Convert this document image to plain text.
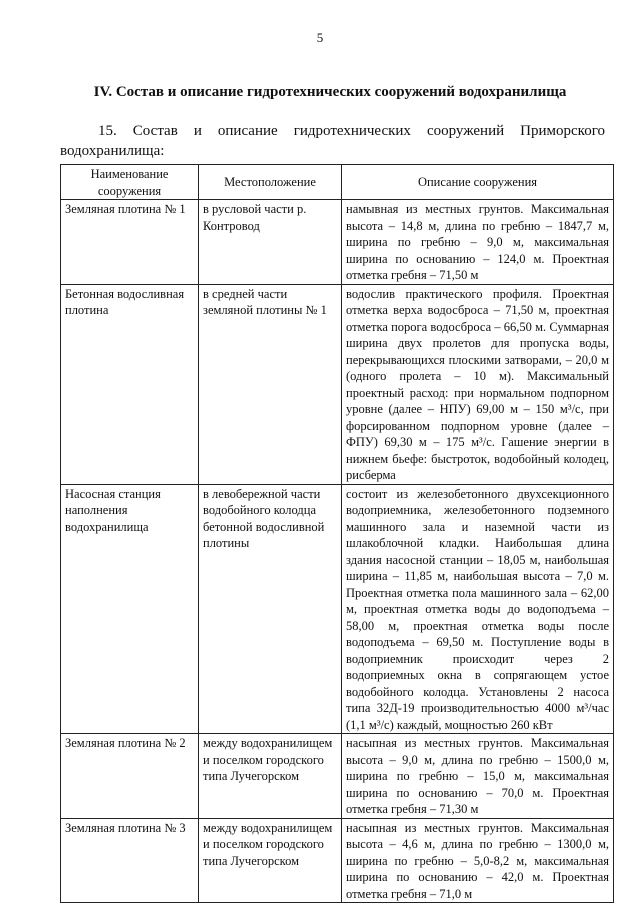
5
IV. Состав и описание гидротехнических сооружений водохранилища
15. Состав и описание гидротехнических сооружений Приморского водохранилища:
Наименование сооружения	Местоположение	Описание сооружения
Земляная плотина № 1	в русловой части р. Контровод	намывная из местных грунтов. Максимальная высота – 14,8 м, длина по гребню – 1847,7 м, ширина по гребню – 9,0 м, максимальная ширина по основанию – 124,0 м. Проектная отметка гребня – 71,50 м
Бетонная водосливная плотина	в средней части земляной плотины № 1	водослив практического профиля. Проектная отметка верха водосброса – 71,50 м, проектная отметка порога водосброса – 66,50 м. Суммарная ширина двух пролетов для пропуска воды, перекрывающихся плоскими затворами, – 20,0 м (одного пролета – 10 м). Максимальный проектный расход: при нормальном подпорном уровне (далее – НПУ) 69,00 м – 150 м³/с, при форсированном подпорном уровне (далее – ФПУ) 69,30 м – 175 м³/с. Гашение энергии в нижнем бьефе: быстроток, водобойный колодец, рисберма
Насосная станция наполнения водохранилища	в левобережной части водобойного колодца бетонной водосливной плотины	состоит из железобетонного двухсекционного водоприемника, железобетонного подземного машинного зала и наземной части из шлакоблочной кладки. Наибольшая длина здания насосной станции – 18,05 м, наибольшая ширина – 11,85 м, наибольшая высота – 7,0 м. Проектная отметка пола машинного зала – 62,00 м, проектная отметка воды до водоподъема – 58,00 м, проектная отметка воды после водоподъема – 69,50 м. Поступление воды в водоприемник происходит через 2 водоприемных окна в сопрягающем устое водобойного колодца. Установлены 2 насоса типа 32Д-19 производительностью 4000 м³/час (1,1 м³/с) каждый, мощностью 260 кВт
Земляная плотина № 2	между водохранилищем и поселком городского типа Лучегорском	насыпная из местных грунтов. Максимальная высота – 9,0 м, длина по гребню – 1500,0 м, ширина по гребню – 15,0 м, максимальная ширина по основанию – 70,0 м. Проектная отметка гребня – 71,30 м
Земляная плотина № 3	между водохранилищем и поселком городского типа Лучегорском	насыпная из местных грунтов. Максимальная высота – 4,6 м, длина по гребню – 1300,0 м, ширина по гребню – 5,0-8,2 м, максимальная ширина по основанию – 42,0 м. Проектная отметка гребня – 71,0 м
